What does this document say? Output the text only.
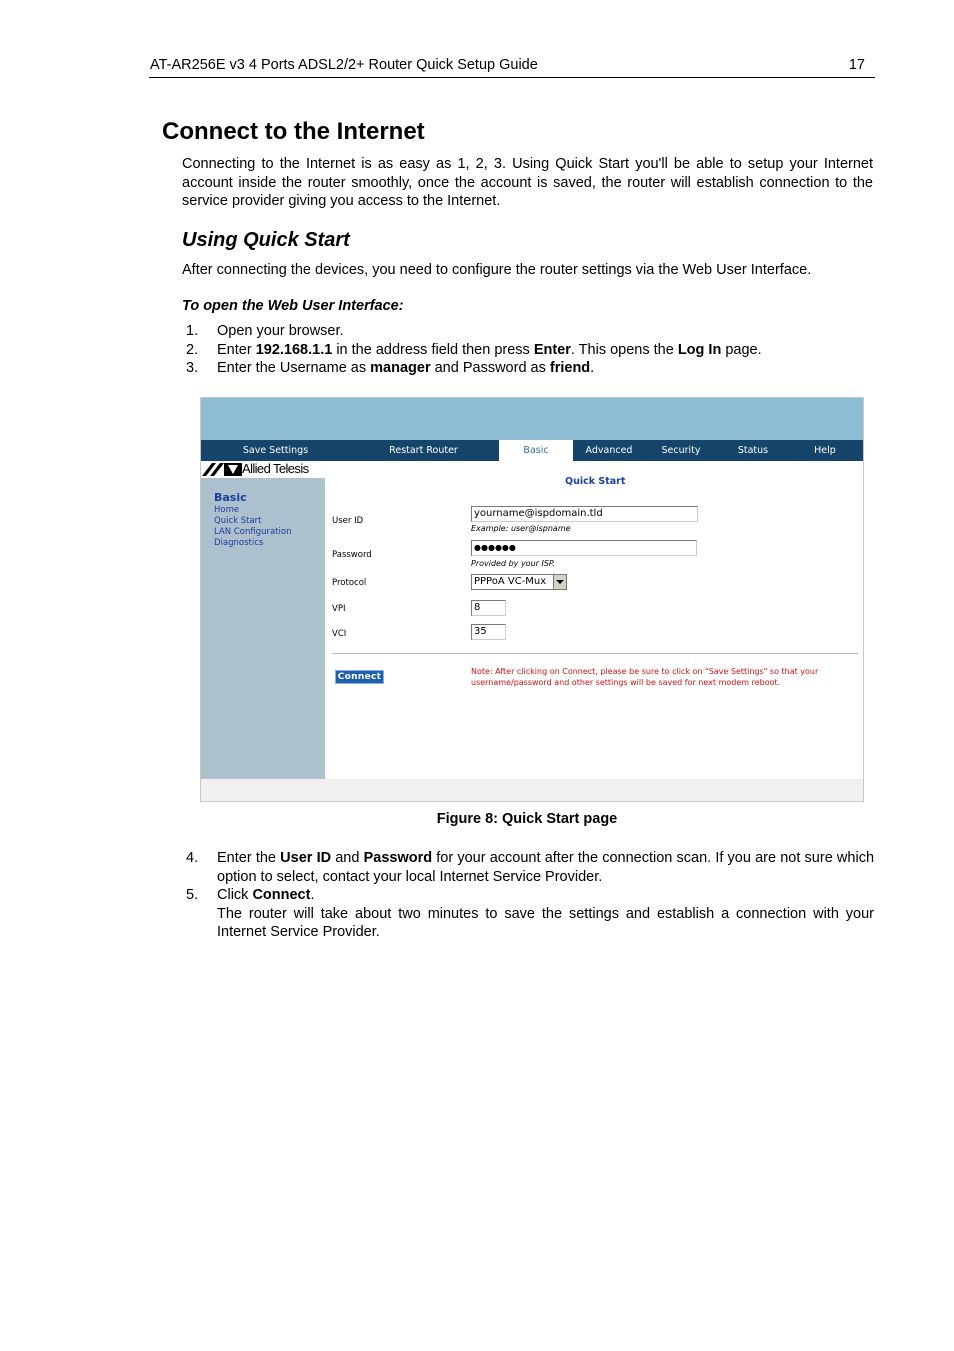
AT-AR256E v3 4 Ports ADSL2/2+ Router Quick Setup Guide	17
Connect to the Internet

Connecting to the Internet is as easy as 1, 2, 3. Using Quick Start you'll be able to setup your Internet account inside the router smoothly, once the account is saved, the router will establish connection to the service provider giving you access to the Internet.

Using Quick Start

After connecting the devices, you need to configure the router settings via the Web User Interface.

To open the Web User Interface:
1.	Open your browser.
2.	Enter 192.168.1.1 in the address field then press Enter. This opens the Log In page.
3.	Enter the Username as manager and Password as friend.
Save Settings	Restart Router	Basic	Advanced	Security	Status	Help
Allied Telesis
Basic
Home
Quick Start
LAN Configuration
Diagnostics
Quick Start
User ID
yourname@ispdomain.tld
Example: user@ispname
Password
●●●●●●
Provided by your ISP.
Protocol	PPPoA VC-Mux
VPI	8
VCI	35
Connect
Note: After clicking on Connect, please be sure to click on "Save Settings" so that your username/password and other settings will be saved for next modem reboot.
Figure 8: Quick Start page
4.	Enter the User ID and Password for your account after the connection scan. If you are not sure which option to select, contact your local Internet Service Provider.
5.	Click Connect.
The router will take about two minutes to save the settings and establish a connection with your Internet Service Provider.
